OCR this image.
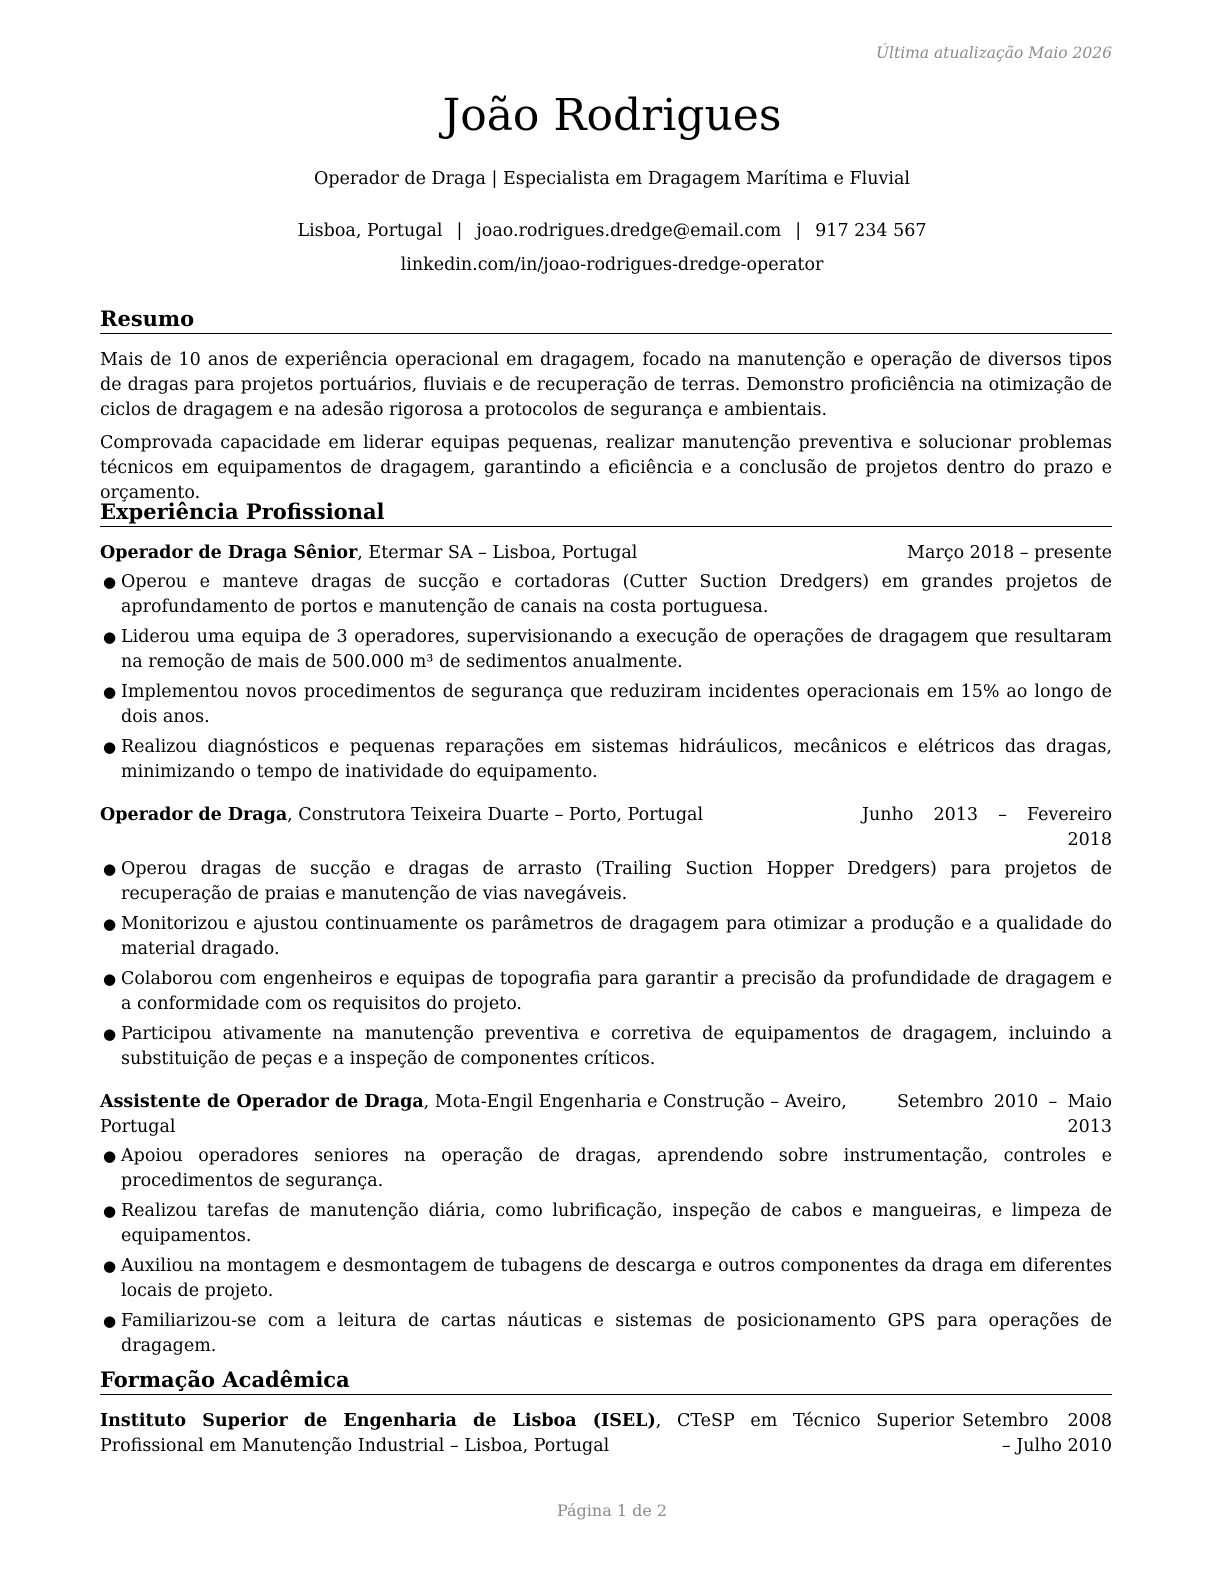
Última atualização Maio 2026
João Rodrigues
Operador de Draga | Especialista em Dragagem Marítima e Fluvial
Lisboa, Portugal | joao.rodrigues.dredge@email.com | 917 234 567
linkedin.com/in/joao-rodrigues-dredge-operator
Resumo

Mais de 10 anos de experiência operacional em dragagem, focado na manutenção e operação de diversos tipos de dragas para projetos portuários, fluviais e de recuperação de terras. Demonstro proficiência na otimização de ciclos de dragagem e na adesão rigorosa a protocolos de segurança e ambientais.

Comprovada capacidade em liderar equipas pequenas, realizar manutenção preventiva e solucionar problemas técnicos em equipamentos de dragagem, garantindo a eficiência e a conclusão de projetos dentro do prazo e orçamento.

Experiência Profissional
Operador de Draga Sênior, Etermar SA – Lisboa, Portugal	Março 2018 – presente
● Operou e manteve dragas de sucção e cortadoras (Cutter Suction Dredgers) em grandes projetos de aprofundamento de portos e manutenção de canais na costa portuguesa.
● Liderou uma equipa de 3 operadores, supervisionando a execução de operações de dragagem que resultaram na remoção de mais de 500.000 m³ de sedimentos anualmente.
● Implementou novos procedimentos de segurança que reduziram incidentes operacionais em 15% ao longo de dois anos.
● Realizou diagnósticos e pequenas reparações em sistemas hidráulicos, mecânicos e elétricos das dragas, minimizando o tempo de inatividade do equipamento.
Operador de Draga, Construtora Teixeira Duarte – Porto, Portugal	Junho 2013 – Fevereiro 2018
● Operou dragas de sucção e dragas de arrasto (Trailing Suction Hopper Dredgers) para projetos de recuperação de praias e manutenção de vias navegáveis.
● Monitorizou e ajustou continuamente os parâmetros de dragagem para otimizar a produção e a qualidade do material dragado.
● Colaborou com engenheiros e equipas de topografia para garantir a precisão da profundidade de dragagem e a conformidade com os requisitos do projeto.
● Participou ativamente na manutenção preventiva e corretiva de equipamentos de dragagem, incluindo a substituição de peças e a inspeção de componentes críticos.
Assistente de Operador de Draga, Mota-Engil Engenharia e Construção – Aveiro, Portugal
Setembro 2010 – Maio 2013
● Apoiou operadores seniores na operação de dragas, aprendendo sobre instrumentação, controles e procedimentos de segurança.
● Realizou tarefas de manutenção diária, como lubrificação, inspeção de cabos e mangueiras, e limpeza de equipamentos.
● Auxiliou na montagem e desmontagem de tubagens de descarga e outros componentes da draga em diferentes locais de projeto.
● Familiarizou-se com a leitura de cartas náuticas e sistemas de posicionamento GPS para operações de dragagem.
Formação Acadêmica
Instituto Superior de Engenharia de Lisboa (ISEL), CTeSP em Técnico Superior Profissional em Manutenção Industrial – Lisboa, Portugal
Setembro 2008 – Julho 2010
Página 1 de 2
